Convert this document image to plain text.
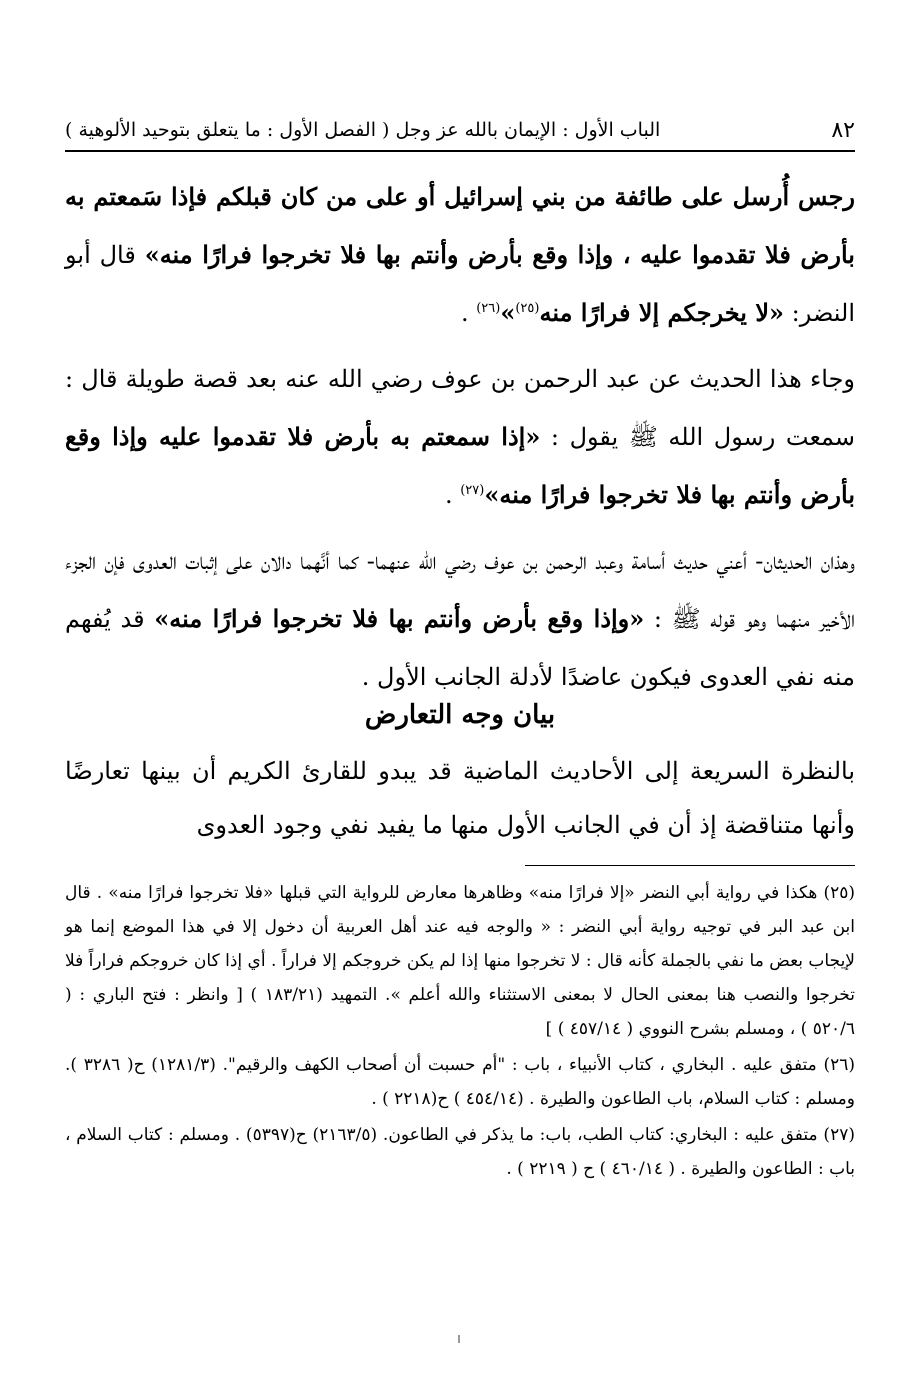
٨٢
الباب الأول : الإيمان بالله عز وجل ( الفصل الأول : ما يتعلق بتوحيد الألوهية )

رجس أُرسل على طائفة من بني إسرائيل أو على من كان قبلكم فإذا سَمعتم به بأرض فلا تقدموا عليه ، وإذا وقع بأرض وأنتم بها فلا تخرجوا فرارًا منه» قال أبو النضر: «لا يخرجكم إلا فرارًا منه$^{(٢٥)}$»$^{(٢٦)}$ .

وجاء هذا الحديث عن عبد الرحمن بن عوف رضي الله عنه بعد قصة طويلة قال : سمعت رسول الله ﷺ يقول : «إذا سمعتم به بأرض فلا تقدموا عليه وإذا وقع بأرض وأنتم بها فلا تخرجوا فرارًا منه»$^{(٢٧)}$ .

وهذان الحديثان- أعني حديث أسامة وعبد الرحمن بن عوف رضي الله عنهما- كما أنَّهما دالان على إثبات العدوى فإن الجزء الأخير منهما وهو قوله ﷺ : «وإذا وقع بأرض وأنتم بها فلا تخرجوا فرارًا منه» قد يُفهم منه نفي العدوى فيكون عاضدًا لأدلة الجانب الأول .

بيان وجه التعارض

بالنظرة السريعة إلى الأحاديث الماضية قد يبدو للقارئ الكريم أن بينها تعارضًا وأنها متناقضة إذ أن في الجانب الأول منها ما يفيد نفي وجود العدوى

(٢٥) هكذا في رواية أبي النضر «إلا فرارًا منه» وظاهرها معارض للرواية التي قبلها «فلا تخرجوا فرارًا منه» . قال ابن عبد البر في توجيه رواية أبي النضر : « والوجه فيه عند أهل العربية أن دخول إلا في هذا الموضع إنما هو لإيجاب بعض ما نفي بالجملة كأنه قال : لا تخرجوا منها إذا لم يكن خروجكم إلا فراراً . أي إذا كان خروجكم فراراً فلا تخرجوا والنصب هنا بمعنى الحال لا بمعنى الاستثناء والله أعلم ». التمهيد (١٨٣/٢١ ) [ وانظر : فتح الباري : ( ٥٢٠/٦ ) ، ومسلم بشرح النووي ( ٤٥٧/١٤ ) ]

(٢٦) متفق عليه . البخاري ، كتاب الأنبياء ، باب : "أم حسبت أن أصحاب الكهف والرقيم". (١٢٨١/٣) ح( ٣٢٨٦ ). ومسلم : كتاب السلام، باب الطاعون والطيرة . (٤٥٤/١٤ ) ح(٢٢١٨ ) .

(٢٧) متفق عليه : البخاري: كتاب الطب، باب: ما يذكر في الطاعون. (٢١٦٣/٥) ح(٥٣٩٧) . ومسلم : كتاب السلام ، باب : الطاعون والطيرة . ( ٤٦٠/١٤ ) ح ( ٢٢١٩ ) .
